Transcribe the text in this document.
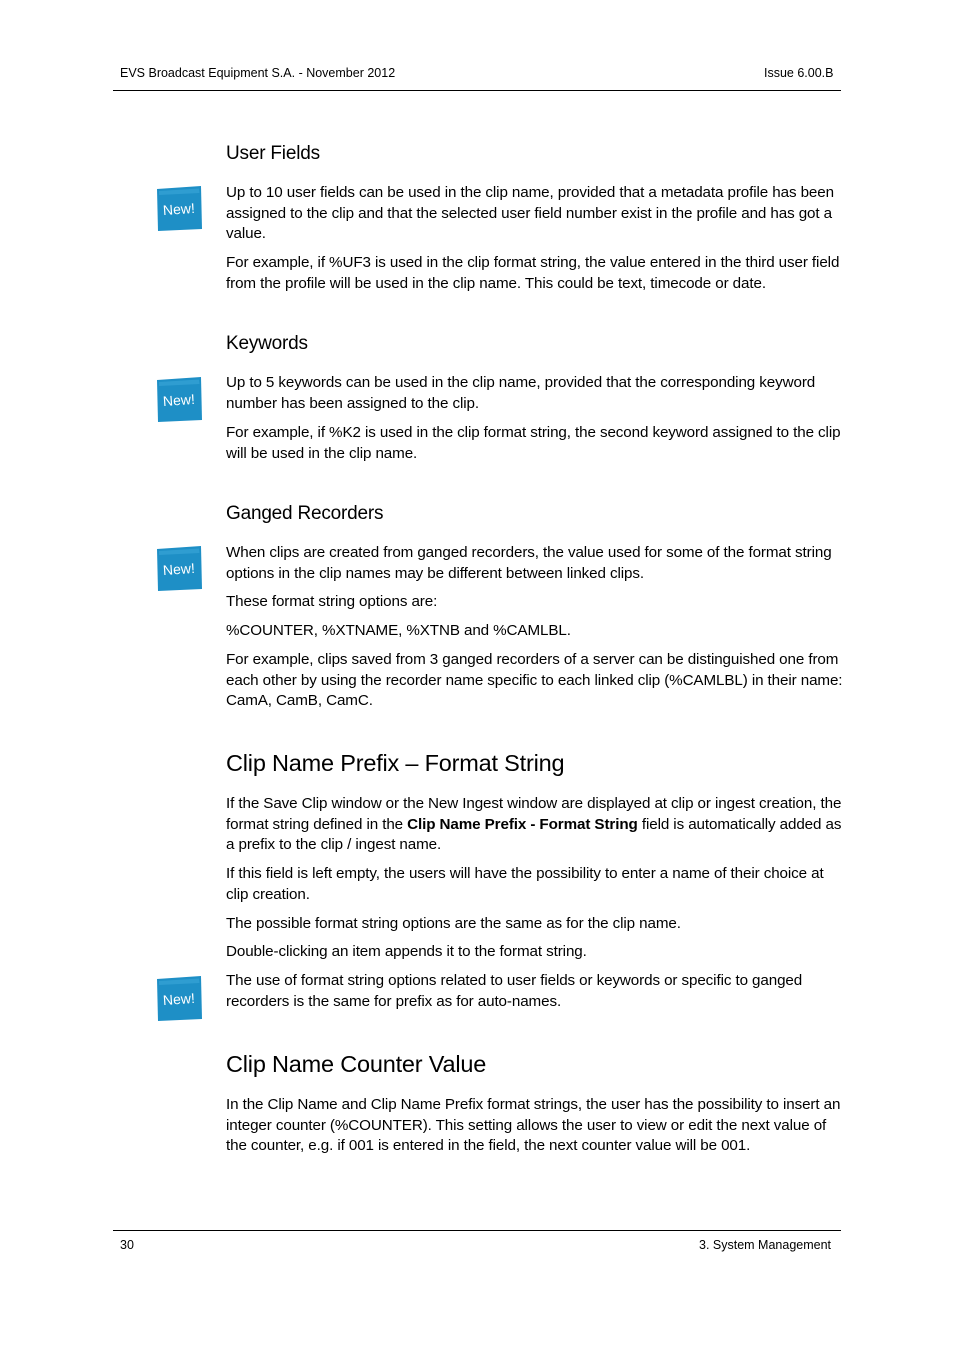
EVS Broadcast Equipment S.A. - November 2012	Issue 6.00.B
User Fields
New!
Up to 10 user fields can be used in the clip name, provided that a metadata profile has been assigned to the clip and that the selected user field number exist in the profile and has got a value.
For example, if %UF3 is used in the clip format string, the value entered in the third user field from the profile will be used in the clip name. This could be text, timecode or date.
Keywords
New!
Up to 5 keywords can be used in the clip name, provided that the corresponding keyword number has been assigned to the clip.
For example, if %K2 is used in the clip format string, the second keyword assigned to the clip will be used in the clip name.
Ganged Recorders
New!
When clips are created from ganged recorders, the value used for some of the format string options in the clip names may be different between linked clips.
These format string options are:
%COUNTER, %XTNAME, %XTNB and %CAMLBL.
For example, clips saved from 3 ganged recorders of a server can be distinguished one from each other by using the recorder name specific to each linked clip (%CAMLBL) in their name: CamA, CamB, CamC.
Clip Name Prefix – Format String
If the Save Clip window or the New Ingest window are displayed at clip or ingest creation, the format string defined in the Clip Name Prefix - Format String field is automatically added as a prefix to the clip / ingest name.
If this field is left empty, the users will have the possibility to enter a name of their choice at clip creation.
The possible format string options are the same as for the clip name.
Double-clicking an item appends it to the format string.
New!
The use of format string options related to user fields or keywords or specific to ganged recorders is the same for prefix as for auto-names.
Clip Name Counter Value
In the Clip Name and Clip Name Prefix format strings, the user has the possibility to insert an integer counter (%COUNTER). This setting allows the user to view or edit the next value of the counter, e.g. if 001 is entered in the field, the next counter value will be 001.
30	3. System Management
